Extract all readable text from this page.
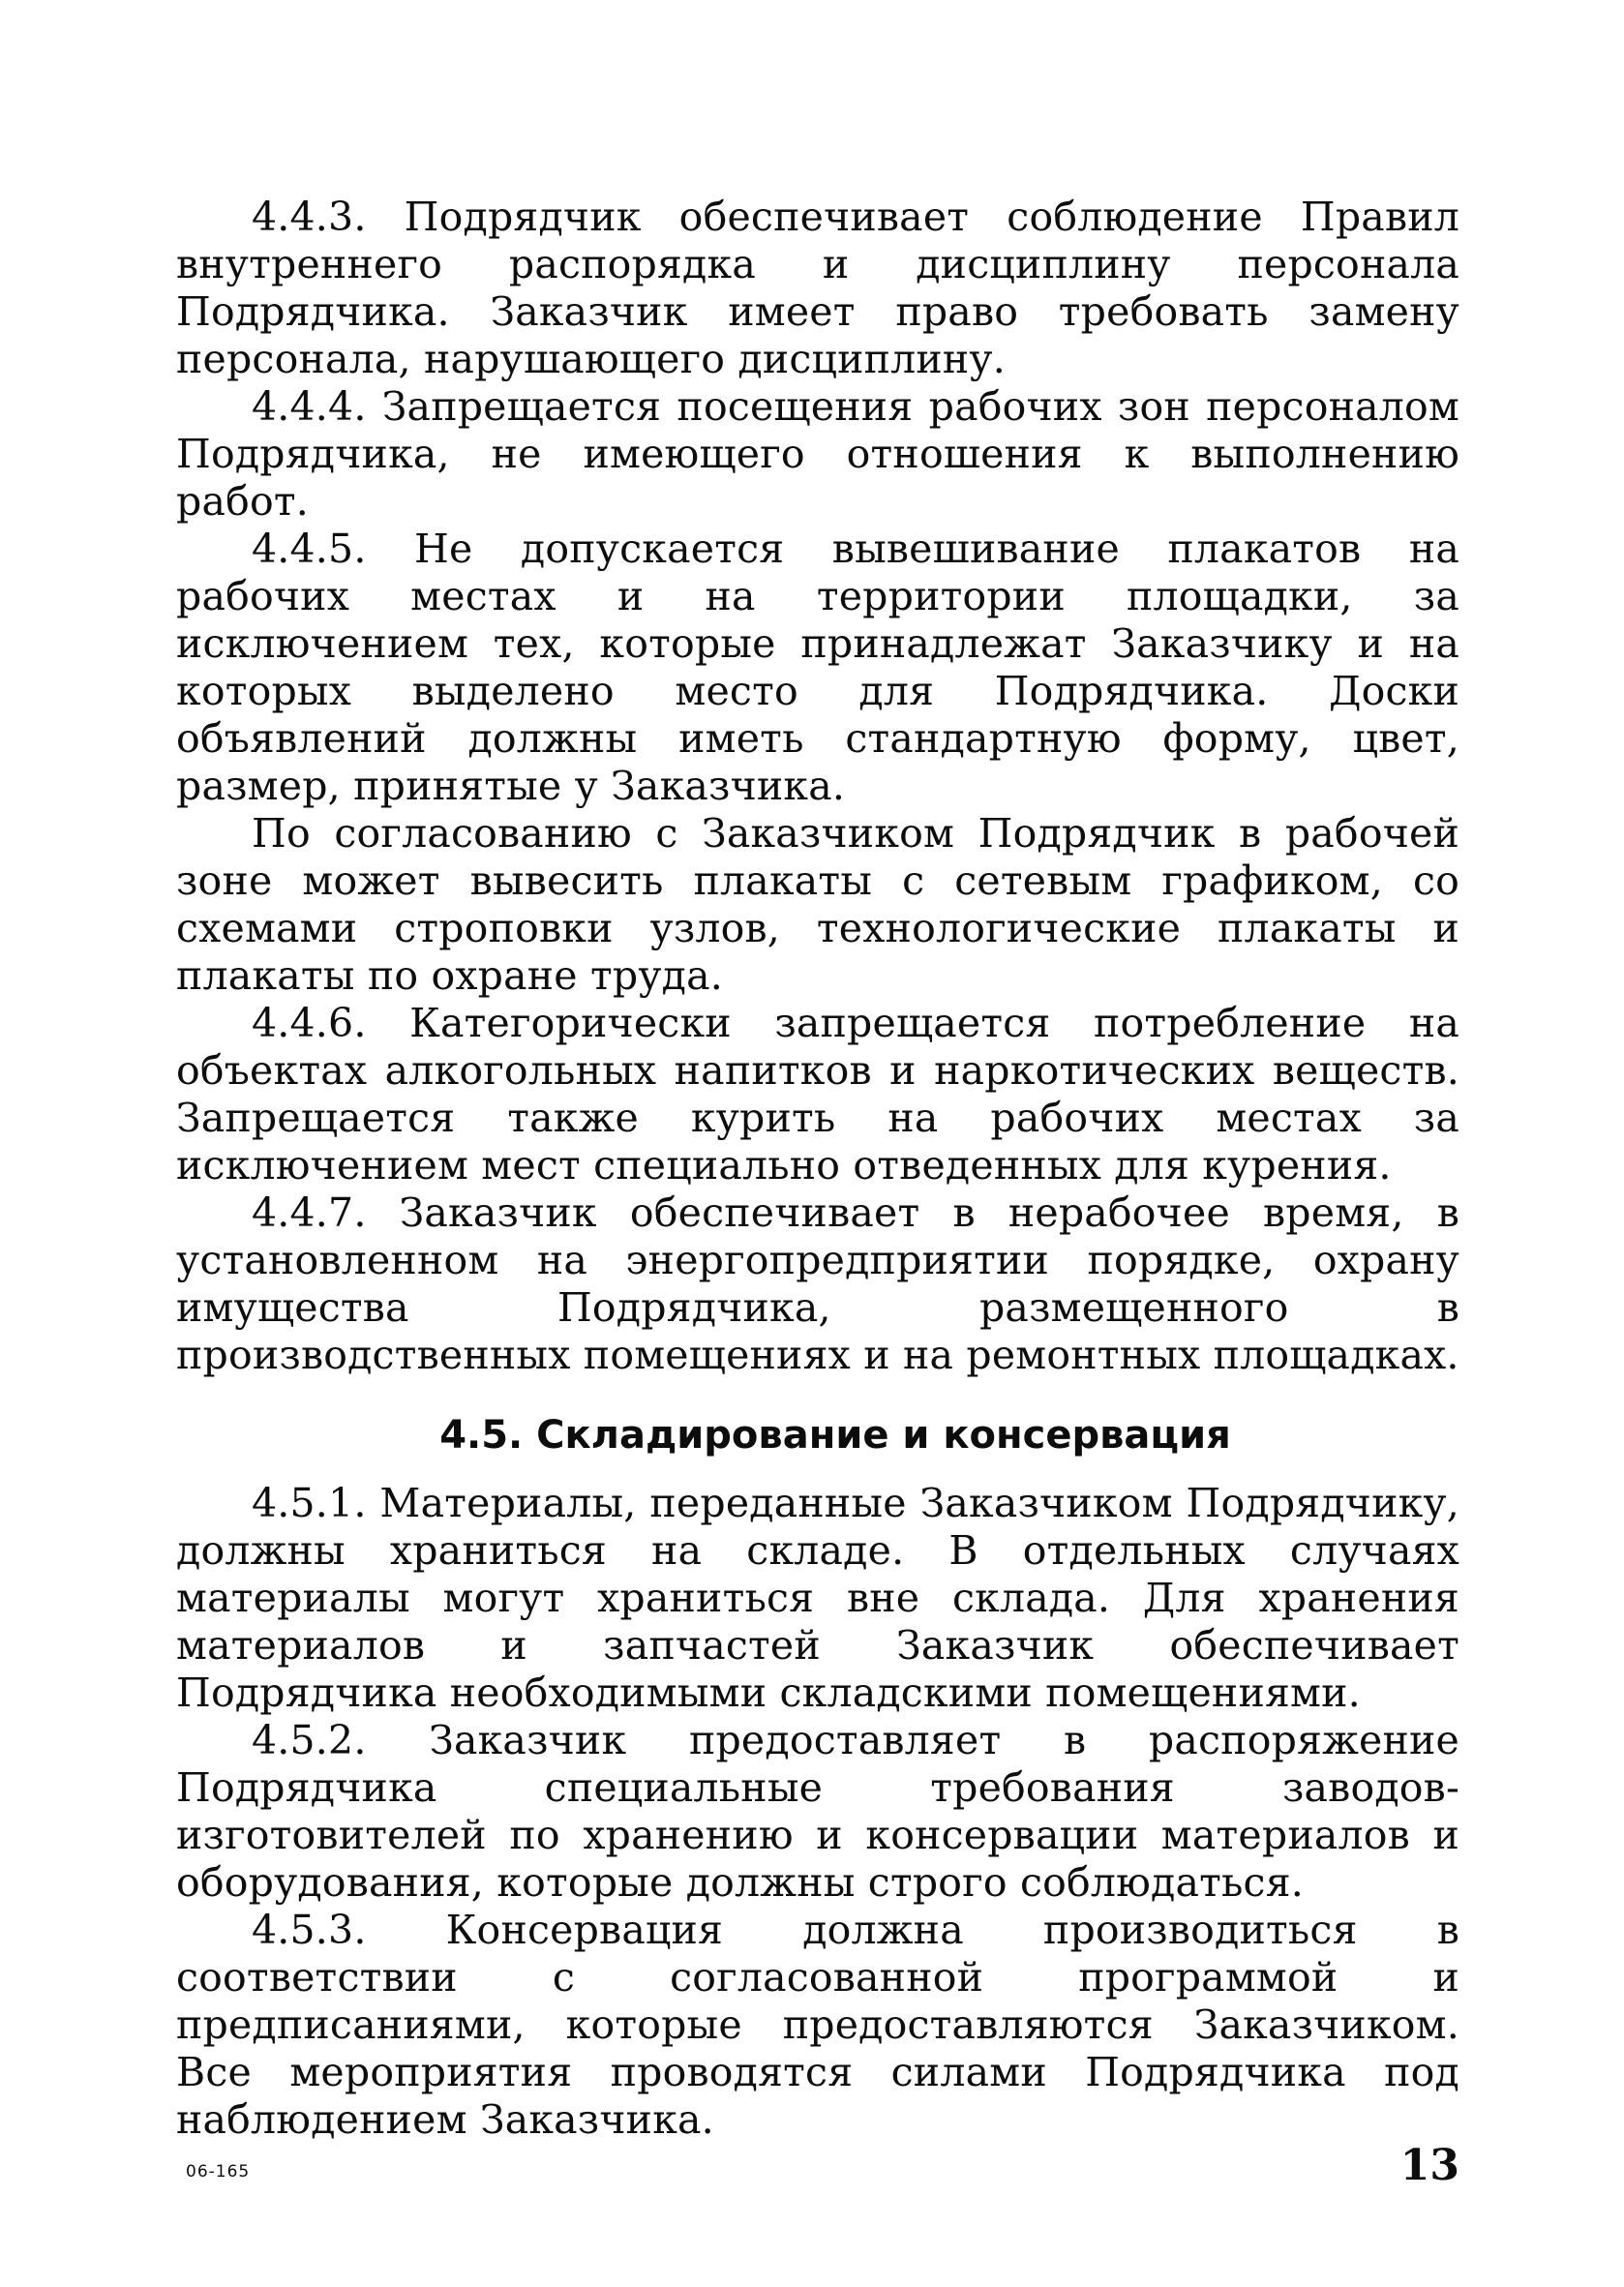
4.4.3. Подрядчик обеспечивает соблюдение Правил внутреннего распорядка и дисциплину персонала Подрядчика. Заказчик имеет право требовать замену персонала, нарушающего дисциплину.

4.4.4. Запрещается посещения рабочих зон персоналом Подрядчика, не имеющего отношения к выполнению работ.

4.4.5. Не допускается вывешивание плакатов на рабочих местах и на территории площадки, за исключением тех, которые принадлежат Заказчику и на которых выделено место для Подрядчика. Доски объявлений должны иметь стандартную форму, цвет, размер, принятые у Заказчика.

По согласованию с Заказчиком Подрядчик в рабочей зоне может вывесить плакаты с сетевым графиком, со схемами строповки узлов, технологические плакаты и плакаты по охране труда.

4.4.6. Категорически запрещается потребление на объектах алкогольных напитков и наркотических веществ. Запрещается также курить на рабочих местах за исключением мест специально отведенных для курения.

4.4.7. Заказчик обеспечивает в нерабочее время, в установленном на энергопредприятии порядке, охрану имущества Подрядчика, размещенного в производственных помещениях и на ремонтных площадках.

4.5. Складирование и консервация

4.5.1. Материалы, переданные Заказчиком Подрядчику, должны храниться на складе. В отдельных случаях материалы могут храниться вне склада. Для хранения материалов и запчастей Заказчик обеспечивает Подрядчика необходимыми складскими помещениями.

4.5.2. Заказчик предоставляет в распоряжение Подрядчика специальные требования заводов-изготовителей по хранению и консервации материалов и оборудования, которые должны строго соблюдаться.

4.5.3. Консервация должна производиться в соответствии с согласованной программой и предписаниями, которые предоставляются Заказчиком. Все мероприятия проводятся силами Подрядчика под наблюдением Заказчика.

06-165	13
